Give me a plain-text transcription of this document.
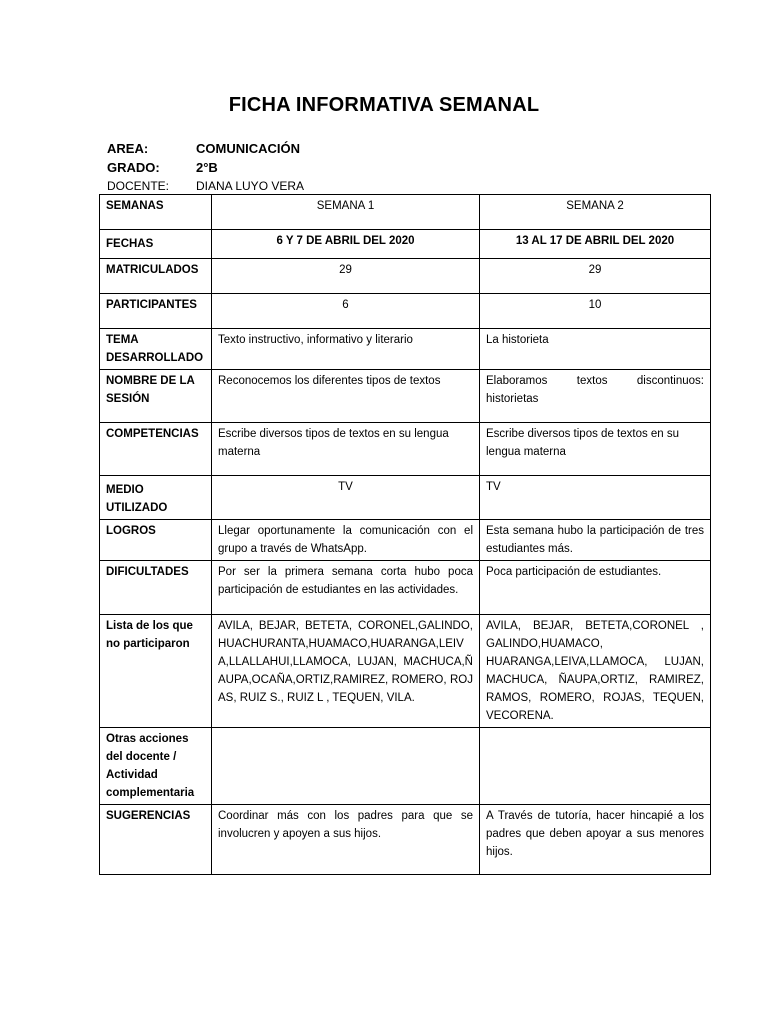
FICHA INFORMATIVA SEMANAL
AREA:	COMUNICACIÓN
GRADO:	2°B
DOCENTE: DIANA LUYO VERA
SEMANAS	SEMANA 1	SEMANA 2
FECHAS	6 Y 7 DE ABRIL DEL 2020	13 AL 17 DE ABRIL DEL 2020
MATRICULADOS	29	29
PARTICIPANTES	6	10
TEMA DESARROLLADO	Texto instructivo, informativo y literario	La historieta
NOMBRE DE LA SESIÓN	Reconocemos los diferentes tipos de textos	Elaboramos textos discontinuos: historietas
COMPETENCIAS	Escribe diversos tipos de textos en su lengua materna	Escribe diversos tipos de textos en su lengua materna
MEDIO UTILIZADO	TV	TV
LOGROS	Llegar oportunamente la comunicación con el grupo a través de WhatsApp.	Esta semana hubo la participación de tres estudiantes más.
DIFICULTADES	Por ser la primera semana corta hubo poca participación de estudiantes en las actividades.	Poca participación de estudiantes.
Lista de los que no participaron	AVILA, BEJAR, BETETA, CORONEL,GALINDO, HUACHURANTA,HUAMACO,HUARANGA,LEIVA,LLALLAHUI,LLAMOCA, LUJAN, MACHUCA,ÑAUPA,OCAÑA,ORTIZ,RAMIREZ, ROMERO, ROJAS, RUIZ S., RUIZ L , TEQUEN, VILA.	AVILA, BEJAR, BETETA,CORONEL , GALINDO,HUAMACO, HUARANGA,LEIVA,LLAMOCA, LUJAN, MACHUCA, ÑAUPA,ORTIZ, RAMIREZ, RAMOS, ROMERO, ROJAS, TEQUEN, VECORENA.
Otras acciones del docente / Actividad complementaria		
SUGERENCIAS	Coordinar más con los padres para que se involucren y apoyen a sus hijos.	A Través de tutoría, hacer hincapié a los padres que deben apoyar a sus menores hijos.
